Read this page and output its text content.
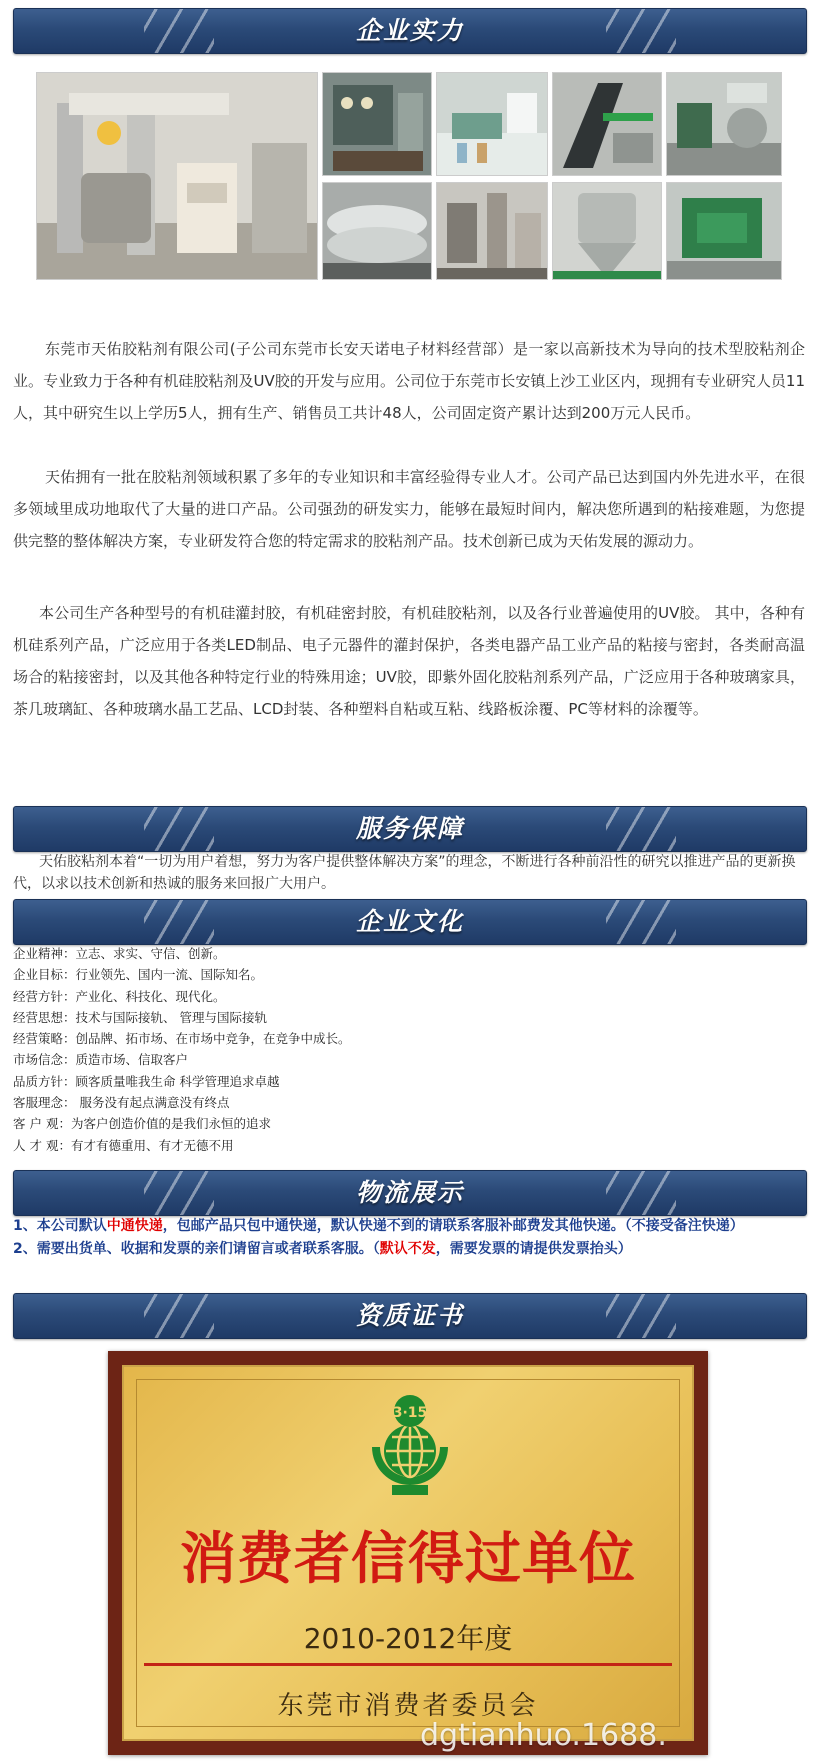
企业实力
东莞市天佑胶粘剂有限公司(子公司东莞市长安天诺电子材料经营部）是一家以高新技术为导向的技术型胶粘剂企业。专业致力于各种有机硅胶粘剂及UV胶的开发与应用。公司位于东莞市长安镇上沙工业区内，现拥有专业研究人员11人，其中研究生以上学历5人，拥有生产、销售员工共计48人，公司固定资产累计达到200万元人民币。
天佑拥有一批在胶粘剂领域积累了多年的专业知识和丰富经验得专业人才。公司产品已达到国内外先进水平，在很多领域里成功地取代了大量的进口产品。公司强劲的研发实力，能够在最短时间内，解决您所遇到的粘接难题，为您提供完整的整体解决方案，专业研发符合您的特定需求的胶粘剂产品。技术创新已成为天佑发展的源动力。
本公司生产各种型号的有机硅灌封胶，有机硅密封胶，有机硅胶粘剂，以及各行业普遍使用的UV胶。 其中，各种有机硅系列产品，广泛应用于各类LED制品、电子元器件的灌封保护，各类电器产品工业产品的粘接与密封，各类耐高温场合的粘接密封，以及其他各种特定行业的特殊用途；UV胶，即紫外固化胶粘剂系列产品，广泛应用于各种玻璃家具，茶几玻璃缸、各种玻璃水晶工艺品、LCD封装、各种塑料自粘或互粘、线路板涂覆、PC等材料的涂覆等。
服务保障
天佑胶粘剂本着“一切为用户着想，努力为客户提供整体解决方案”的理念，不断进行各种前沿性的研究以推进产品的更新换代，以求以技术创新和热诚的服务来回报广大用户。
企业文化
企业精神：立志、求实、守信、创新。
企业目标：行业领先、国内一流、国际知名。
经营方针：产业化、科技化、现代化。
经营思想：技术与国际接轨、 管理与国际接轨
经营策略：创品牌、拓市场、在市场中竞争，在竞争中成长。
市场信念：质造市场、信取客户
品质方针：顾客质量唯我生命 科学管理追求卓越
客服理念： 服务没有起点满意没有终点
客 户 观：为客户创造价值的是我们永恒的追求
人 才 观：有才有德重用、有才无德不用
物流展示
1、本公司默认中通快递，包邮产品只包中通快递，默认快递不到的请联系客服补邮费发其他快递。（不接受备注快递）
2、需要出货单、收据和发票的亲们请留言或者联系客服。（默认不发，需要发票的请提供发票抬头）
资质证书
3·15
消费者信得过单位
2010-2012年度
东莞市消费者委员会
dgtianhuo.1688.
